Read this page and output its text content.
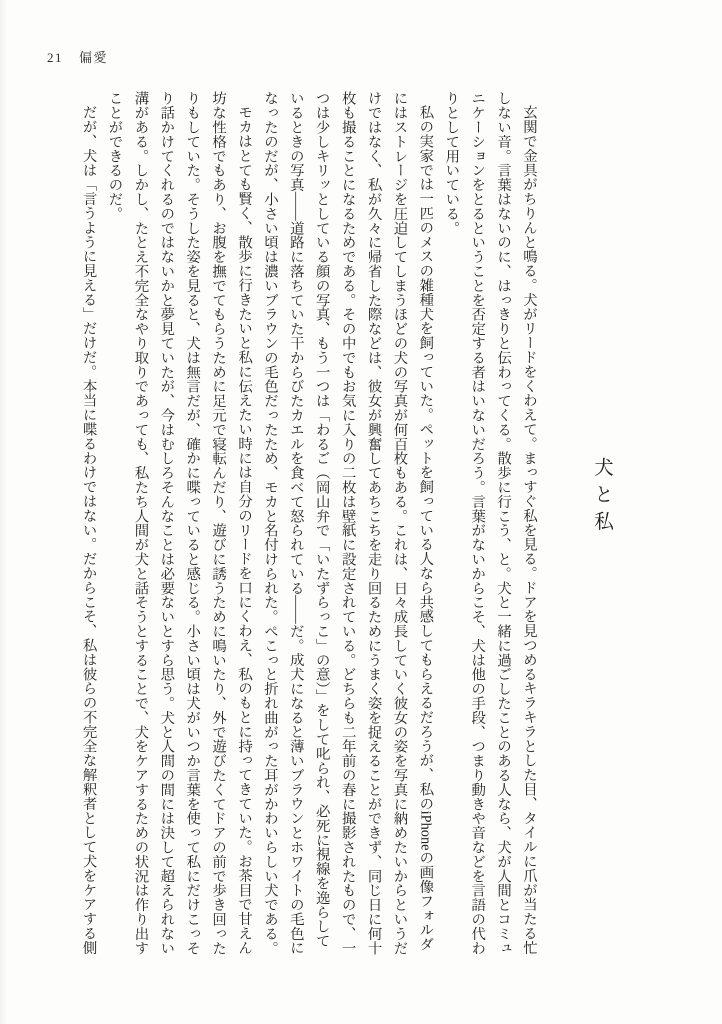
21 偏愛
犬と私

玄関で金具がちりんと鳴る。犬がリードをくわえて。まっすぐ私を見る。ドアを見つめるキラキラとした目、タイルに爪が当たる忙しない音。言葉はないのに、はっきりと伝わってくる。散歩に行こう、と。犬と一緒に過ごしたことのある人なら、犬が人間とコミュニケーションをとるということを否定する者はいないだろう。言葉がないからこそ、犬は他の手段、つまり動きや音などを言語の代わりとして用いている。

私の実家では一匹のメスの雑種犬を飼っていた。ペットを飼っている人なら共感してもらえるだろうが、私のiPhoneの画像フォルダにはストレージを圧迫してしまうほどの犬の写真が何百枚もある。これは、日々成長していく彼女の姿を写真に納めたいからというだけではなく、私が久々に帰省した際などは、彼女が興奮してあちこちを走り回るためにうまく姿を捉えることができず、同じ日に何十枚も撮ることになるためである。その中でもお気に入りの二枚は壁紙に設定されている。どちらも二年前の春に撮影されたもので、一つは少しキリッとしている顔の写真、もう一つは「わるご（岡山弁で「いたずらっこ」の意）」をして叱られ、必死に視線を逸らしているときの写真――道路に落ちていた干からびたカエルを食べて怒られている――だ。成犬になると薄いブラウンとホワイトの毛色になったのだが、小さい頃は濃いブラウンの毛色だったため、モカと名付けられた。ぺこっと折れ曲がった耳がかわいらしい犬である。

モカはとても賢く、散歩に行きたいと私に伝えたい時には自分のリードを口にくわえ、私のもとに持ってきていた。お茶目で甘えん坊な性格でもあり、お腹を撫でてもらうために足元で寝転んだり、遊びに誘うために鳴いたり、外で遊びたくてドアの前で歩き回ったりもしていた。そうした姿を見ると、犬は無言だが、確かに喋っていると感じる。小さい頃は犬がいつか言葉を使って私にだけこっそり話かけてくれるのではないかと夢見ていたが、今はむしろそんなことは必要ないとすら思う。犬と人間の間には決して超えられない溝がある。しかし、たとえ不完全なやり取りであっても、私たち人間が犬と話そうとすることで、犬をケアするための状況は作り出すことができるのだ。

だが、犬は「言うように見える」だけだ。本当に喋るわけではない。だからこそ、私は彼らの不完全な解釈者として犬をケアする側
